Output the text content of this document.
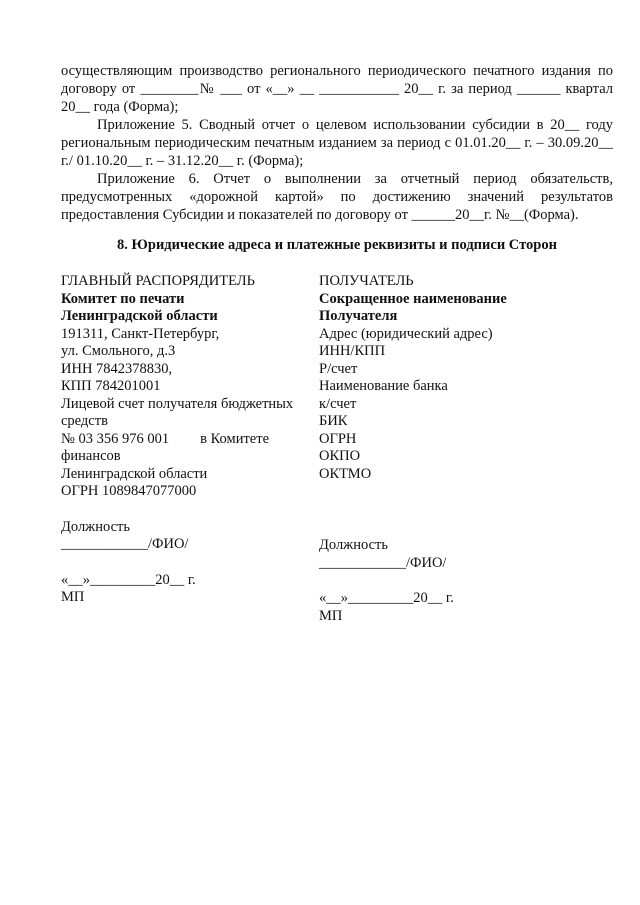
осуществляющим производство регионального периодического печатного издания по договору от ________№ ___ от «__» __ ___________ 20__ г. за период ______ квартал 20__ года (Форма);

Приложение 5. Сводный отчет о целевом использовании субсидии в 20__ году региональным периодическим печатным изданием за период с 01.01.20__ г. – 30.09.20__ г./ 01.10.20__ г. – 31.12.20__ г. (Форма);

Приложение 6. Отчет о выполнении за отчетный период обязательств, предусмотренных «дорожной картой» по достижению значений результатов предоставления Субсидии и показателей по договору от ______20__г. №__(Форма).

8. Юридические адреса и платежные реквизиты и подписи Сторон
ГЛАВНЫЙ РАСПОРЯДИТЕЛЬ
Комитет по печати
Ленинградской области
191311, Санкт-Петербург,
ул. Смольного, д.3
ИНН 7842378830,
КПП 784201001
Лицевой счет получателя бюджетных средств
№ 03 356 976 001 в Комитете
финансов
Ленинградской области
ОГРН 1089847077000
Должность
____________/ФИО/
«__»_________20__ г.
МП
ПОЛУЧАТЕЛЬ
Сокращенное наименование
Получателя
Адрес (юридический адрес)
ИНН/КПП
Р/счет
Наименование банка
к/счет
БИК
ОГРН
ОКПО
ОКТМО
Должность
____________/ФИО/
«__»_________20__ г.
МП
